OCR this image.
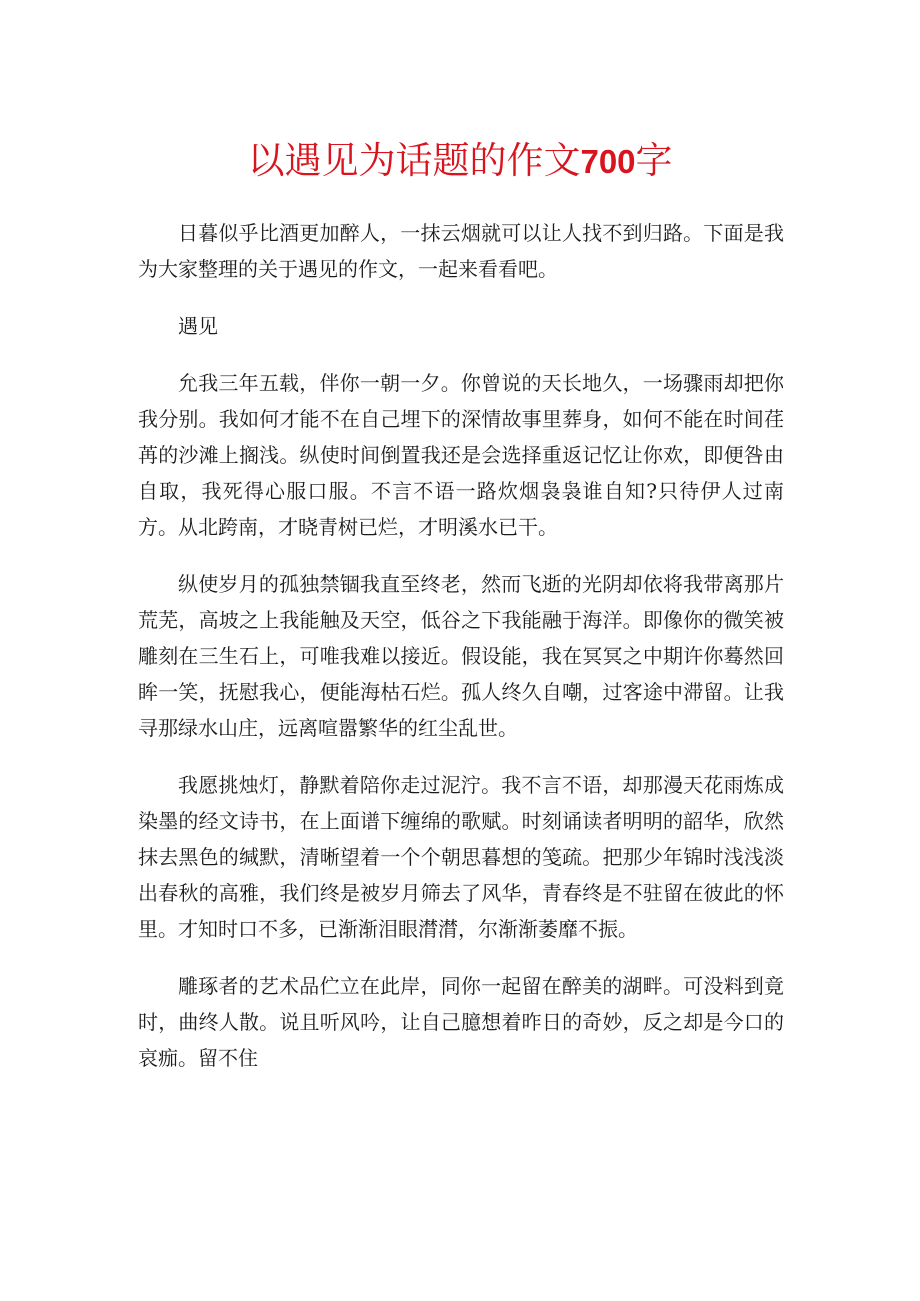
以遇见为话题的作文700字

日暮似乎比酒更加醉人，一抹云烟就可以让人找不到归路。下面是我为大家整理的关于遇见的作文，一起来看看吧。

遇见

允我三年五载，伴你一朝一夕。你曾说的天长地久，一场骤雨却把你我分别。我如何才能不在自己埋下的深情故事里葬身，如何不能在时间荏苒的沙滩上搁浅。纵使时间倒置我还是会选择重返记忆让你欢，即便咎由自取，我死得心服口服。不言不语一路炊烟袅袅谁自知?只待伊人过南方。从北跨南，才晓青树已烂，才明溪水已干。

纵使岁月的孤独禁锢我直至终老，然而飞逝的光阴却依将我带离那片荒芜，高坡之上我能触及天空，低谷之下我能融于海洋。即像你的微笑被雕刻在三生石上，可唯我难以接近。假设能，我在冥冥之中期许你蓦然回眸一笑，抚慰我心，便能海枯石烂。孤人终久自嘲，过客途中滞留。让我寻那绿水山庄，远离喧嚣繁华的红尘乱世。

我愿挑烛灯，静默着陪你走过泥泞。我不言不语，却那漫天花雨炼成染墨的经文诗书，在上面谱下缠绵的歌赋。时刻诵读者明明的韶华，欣然抹去黑色的缄默，清晰望着一个个朝思暮想的笺疏。把那少年锦时浅浅淡出春秋的高雅，我们终是被岁月筛去了风华，青春终是不驻留在彼此的怀里。才知时口不多，已渐渐泪眼潸潸，尔渐渐萎靡不振。

雕琢者的艺术品伫立在此岸，同你一起留在醉美的湖畔。可没料到竟时，曲终人散。说且听风吟，让自己臆想着昨日的奇妙，反之却是今口的哀痂。留不住
